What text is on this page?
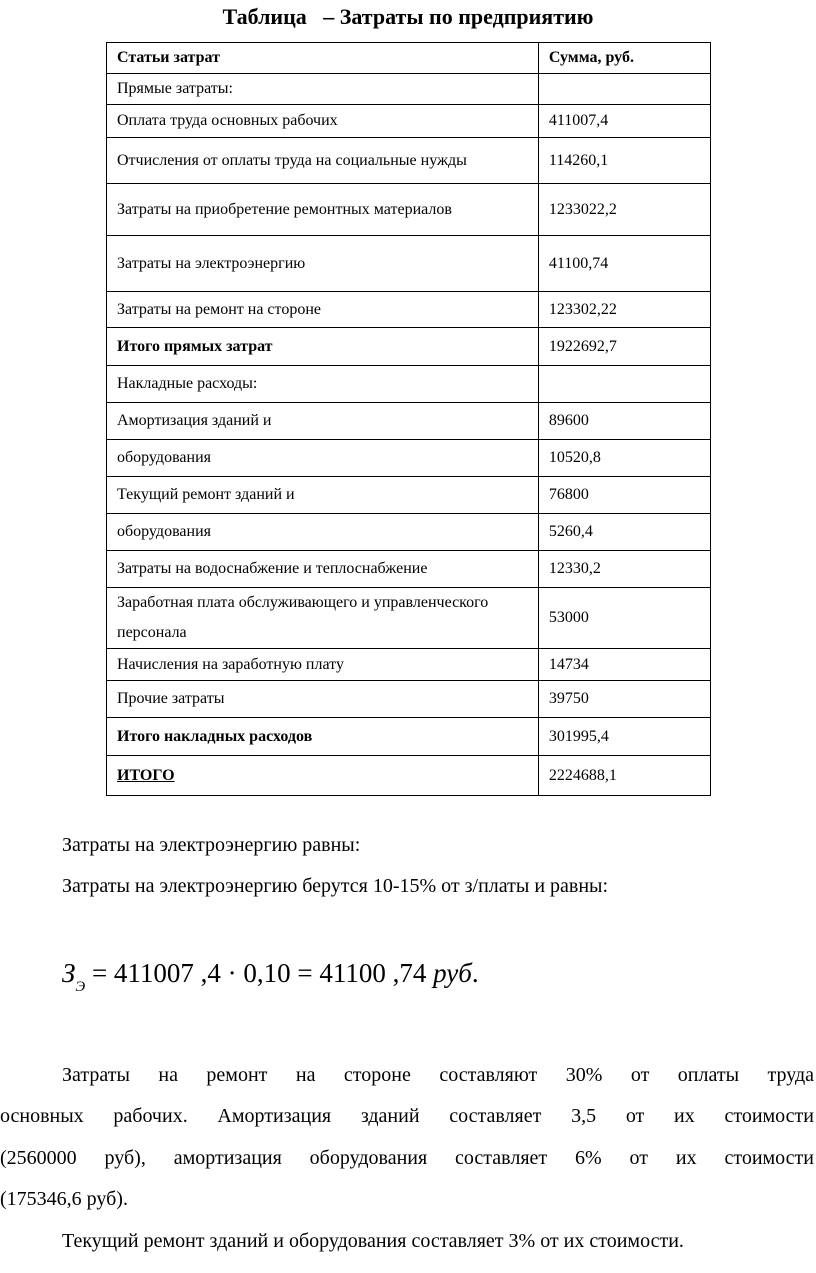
Таблица   – Затраты по предприятию
Статьи затрат	Сумма, руб.
Прямые затраты:	
Оплата труда основных рабочих	411007,4
Отчисления от оплаты труда на социальные нужды	114260,1
Затраты на приобретение ремонтных материалов	1233022,2
Затраты на электроэнергию	41100,74
Затраты на ремонт на стороне	123302,22
Итого прямых затрат	1922692,7
Накладные расходы:	
Амортизация зданий и	89600
оборудования	10520,8
Текущий ремонт зданий и	76800
оборудования	5260,4
Затраты на водоснабжение и теплоснабжение	12330,2
Заработная плата обслуживающего и управленческого персонала	53000
Начисления на заработную плату	14734
Прочие затраты	39750
Итого накладных расходов	301995,4
ИТОГО	2224688,1
Затраты на электроэнергию равны:
Затраты на электроэнергию берутся 10-15% от з/платы и равны:
$З_Э = 411007$ ,4 · 0,10 = 41100 ,74 руб.
Затраты на ремонт на стороне составляют 30% от оплаты труда
основных рабочих. Амортизация зданий составляет 3,5 от их стоимости
(2560000 руб), амортизация оборудования составляет 6% от их стоимости
(175346,6 руб).
Текущий ремонт зданий и оборудования составляет 3% от их стоимости.
